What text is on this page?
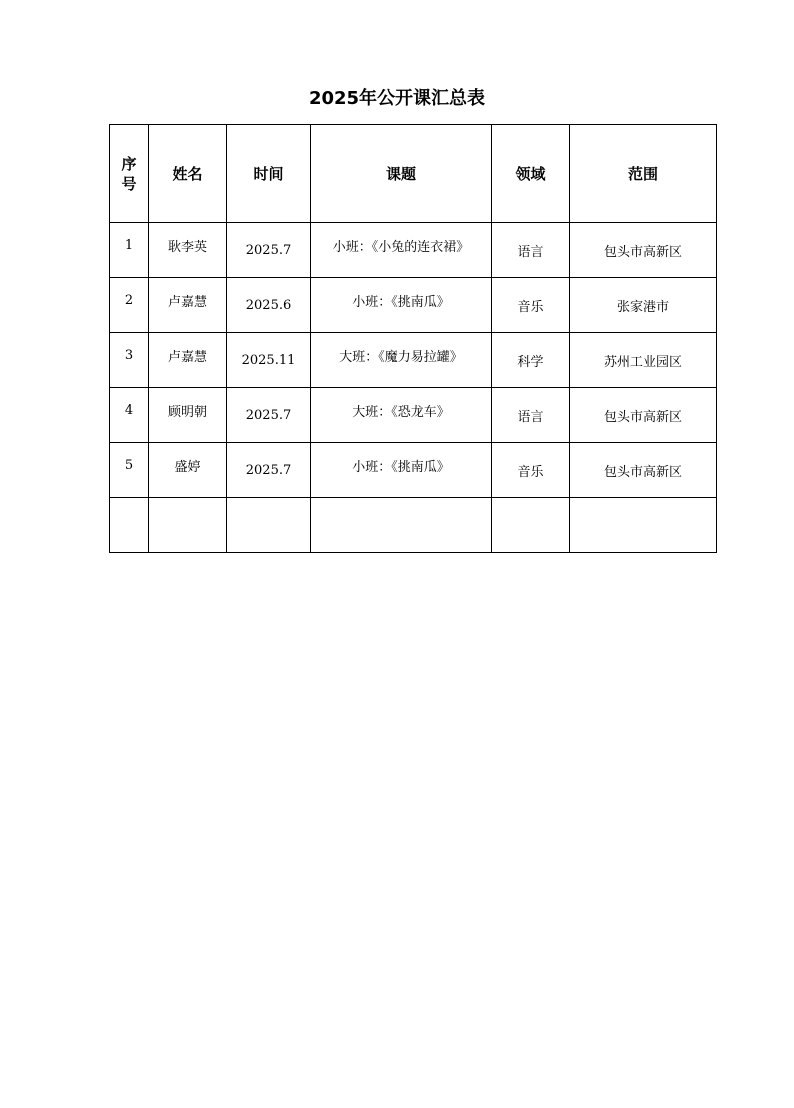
2025年公开课汇总表
序号	姓名	时间	课题	领域	范围
1	耿李英	2025.7	小班：《小兔的连衣裙》	语言	包头市高新区
2	卢嘉慧	2025.6	小班：《挑南瓜》	音乐	张家港市
3	卢嘉慧	2025.11	大班：《魔力易拉罐》	科学	苏州工业园区
4	顾明朝	2025.7	大班：《恐龙车》	语言	包头市高新区
5	盛婷	2025.7	小班：《挑南瓜》	音乐	包头市高新区
